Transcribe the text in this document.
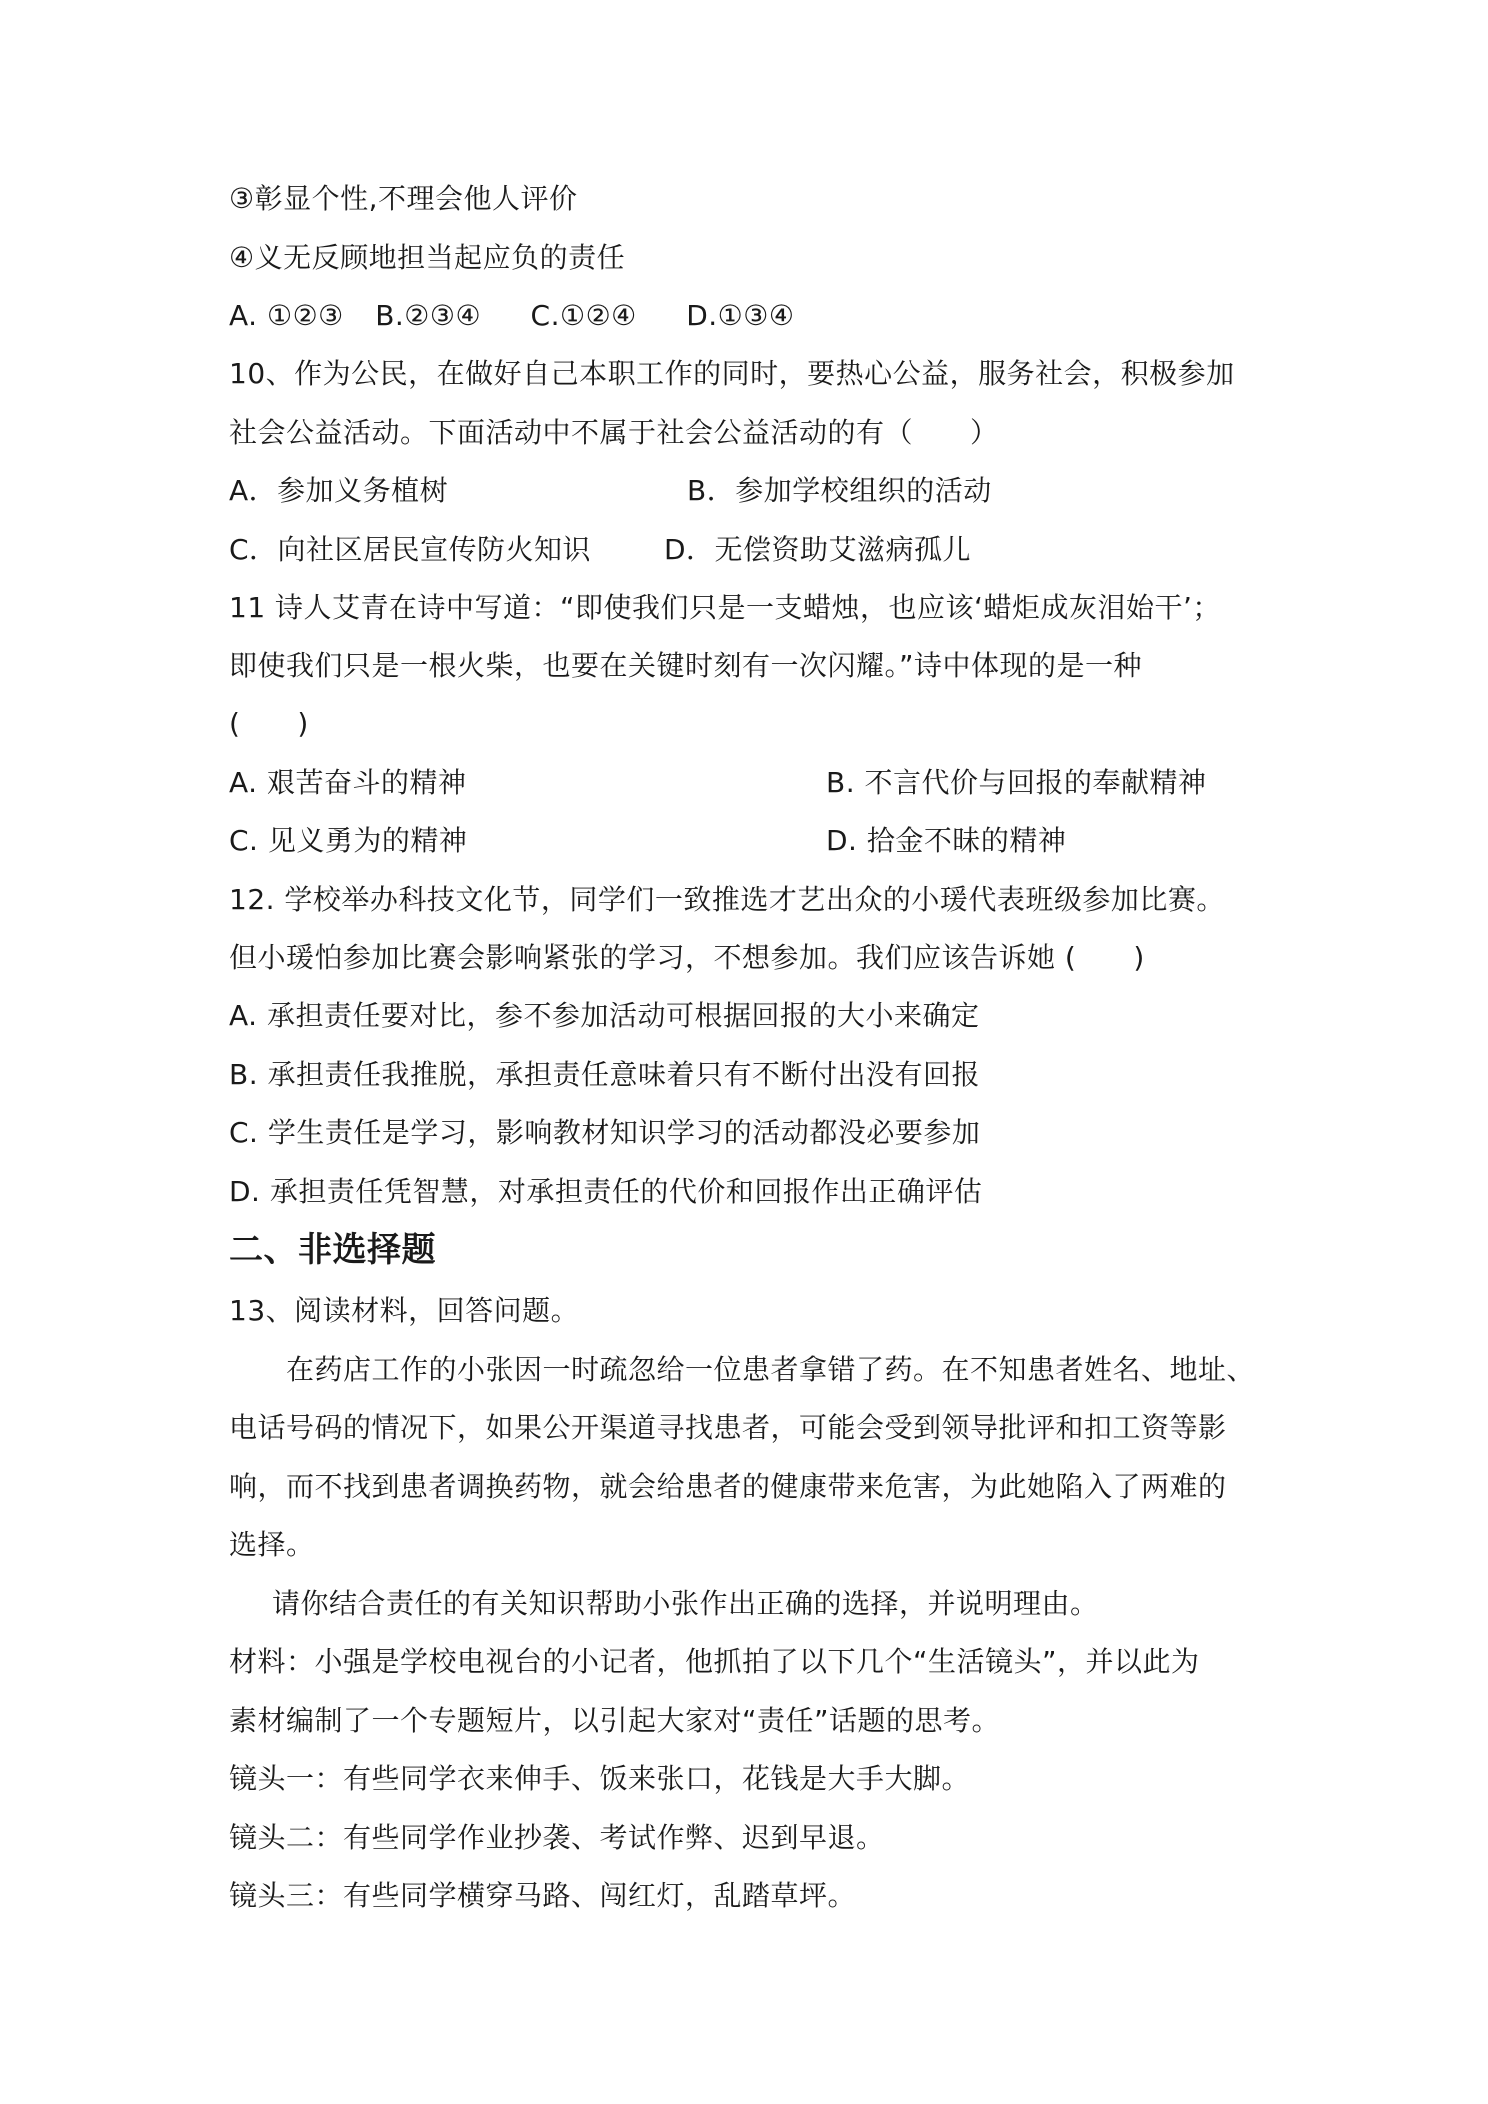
③彰显个性,不理会他人评价
④义无反顾地担当起应负的责任
A. ①②③ B.②③④ C.①②④ D.①③④
10、作为公民，在做好自己本职工作的同时，要热心公益，服务社会，积极参加
社会公益活动。下面活动中不属于社会公益活动的有（　　）
A．参加义务植树	B．参加学校组织的活动
C．向社区居民宣传防火知识	D．无偿资助艾滋病孤儿
11 诗人艾青在诗中写道：“即使我们只是一支蜡烛，也应该‘蜡炬成灰泪始干’；
即使我们只是一根火柴，也要在关键时刻有一次闪耀。”诗中体现的是一种
(　　)
A. 艰苦奋斗的精神	B. 不言代价与回报的奉献精神
C. 见义勇为的精神	D. 拾金不昧的精神
12. 学校举办科技文化节，同学们一致推选才艺出众的小瑗代表班级参加比赛。
但小瑗怕参加比赛会影响紧张的学习，不想参加。我们应该告诉她 (　　)
A. 承担责任要对比，参不参加活动可根据回报的大小来确定
B. 承担责任我推脱，承担责任意味着只有不断付出没有回报
C. 学生责任是学习，影响教材知识学习的活动都没必要参加
D. 承担责任凭智慧，对承担责任的代价和回报作出正确评估
二、非选择题
13、阅读材料，回答问题。
在药店工作的小张因一时疏忽给一位患者拿错了药。在不知患者姓名、地址、
电话号码的情况下，如果公开渠道寻找患者，可能会受到领导批评和扣工资等影
响，而不找到患者调换药物，就会给患者的健康带来危害，为此她陷入了两难的
选择。
请你结合责任的有关知识帮助小张作出正确的选择，并说明理由。
材料：小强是学校电视台的小记者，他抓拍了以下几个“生活镜头”，并以此为
素材编制了一个专题短片，以引起大家对“责任”话题的思考。
镜头一：有些同学衣来伸手、饭来张口，花钱是大手大脚。
镜头二：有些同学作业抄袭、考试作弊、迟到早退。
镜头三：有些同学横穿马路、闯红灯，乱踏草坪。
